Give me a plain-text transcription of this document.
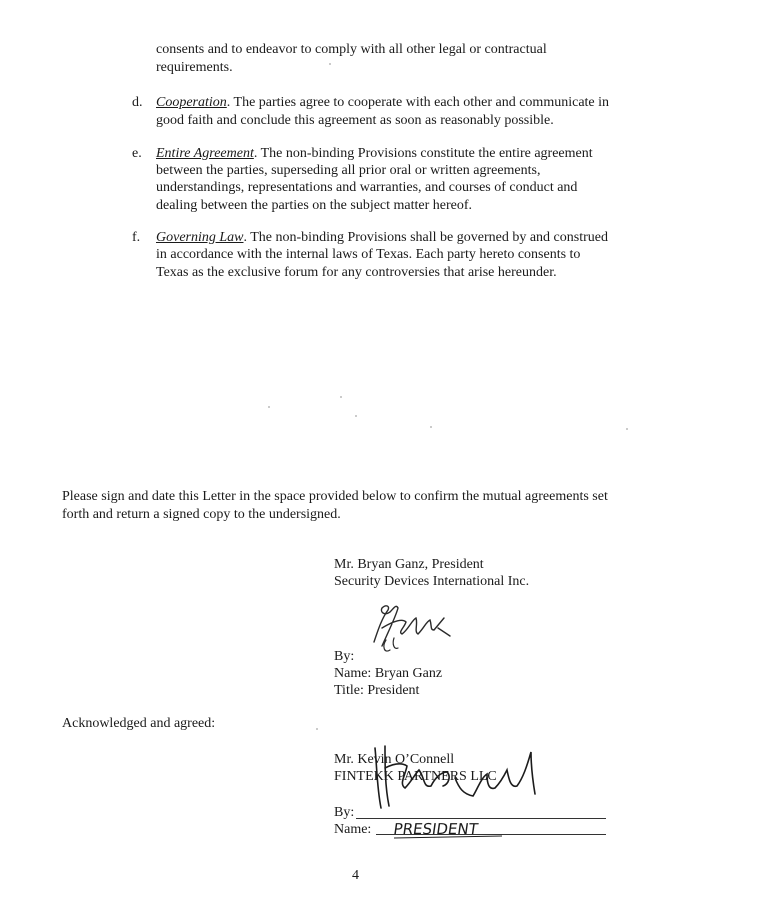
consents and to endeavor to comply with all other legal or contractual
requirements.
d. Cooperation. The parties agree to cooperate with each other and communicate in
good faith and conclude this agreement as soon as reasonably possible.
e. Entire Agreement. The non-binding Provisions constitute the entire agreement
between the parties, superseding all prior oral or written agreements,
understandings, representations and warranties, and courses of conduct and
dealing between the parties on the subject matter hereof.
f. Governing Law. The non-binding Provisions shall be governed by and construed
in accordance with the internal laws of Texas. Each party hereto consents to
Texas as the exclusive forum for any controversies that arise hereunder.
Please sign and date this Letter in the space provided below to confirm the mutual agreements set
forth and return a signed copy to the undersigned.
Mr. Bryan Ganz, President
Security Devices International Inc.
By:
Name: Bryan Ganz
Title: President
Acknowledged and agreed:
Mr. Kevin O’Connell
FINTEKK PARTNERS LLC
By:
Name: PRESIDENT
4
